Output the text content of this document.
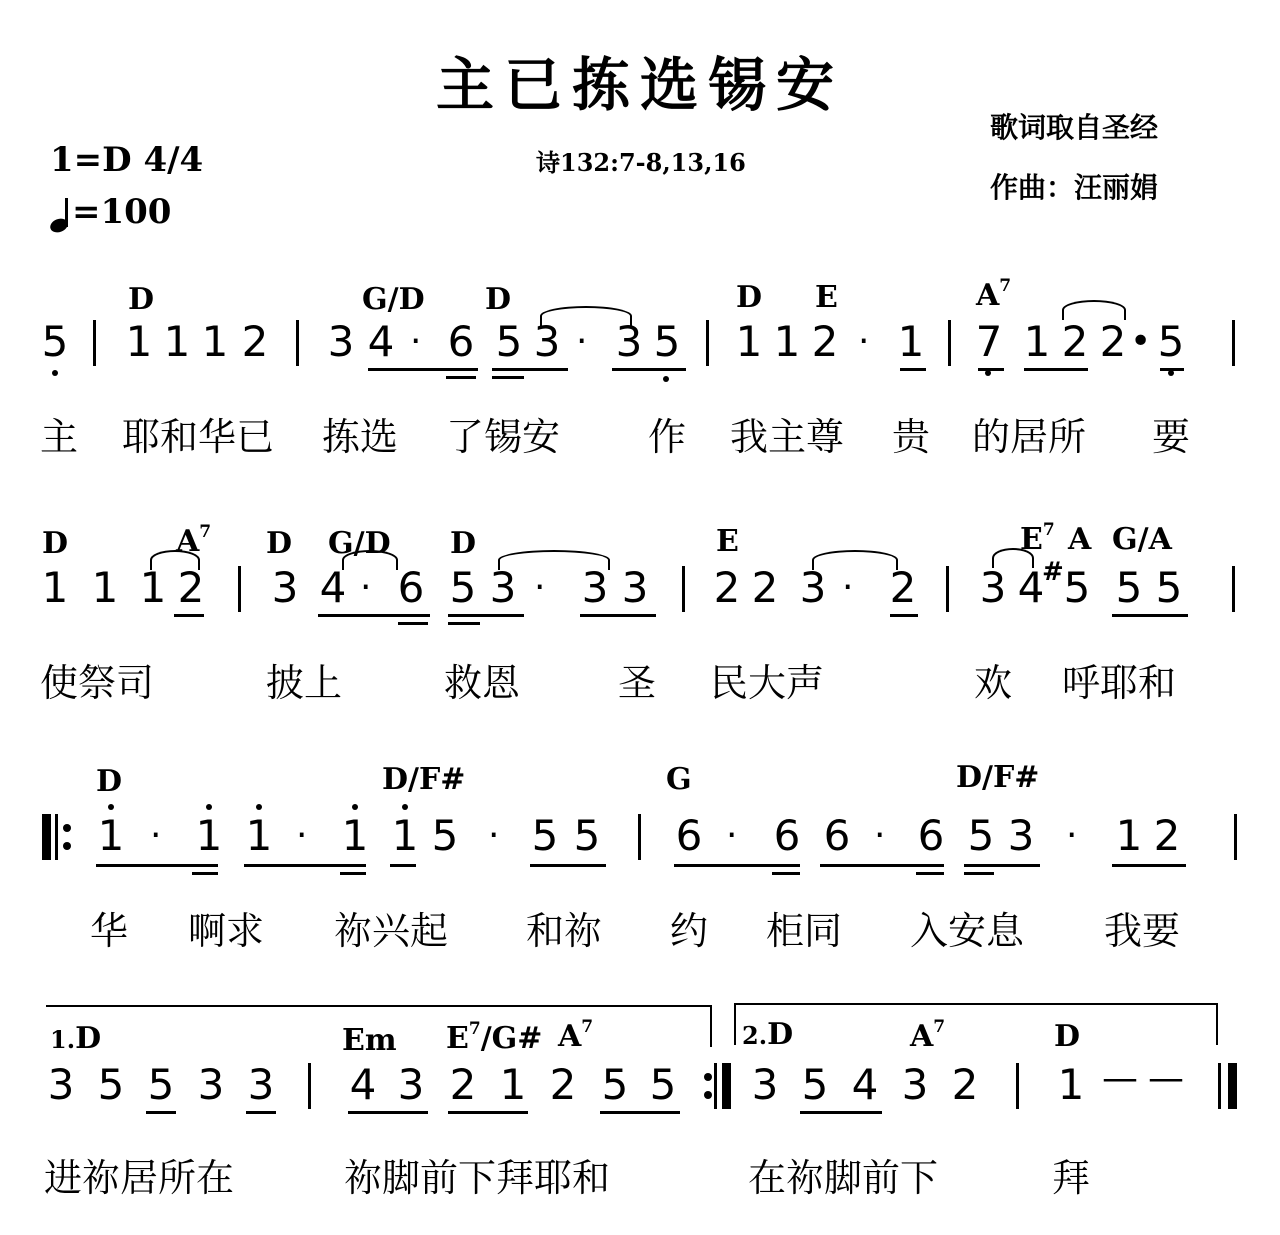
主已拣选锡安
1=D 4/4
=100
诗132:7-8,13,16
歌词取自圣经
作曲：汪丽娟
D	G/D D	D E	$A^7$
5 1 1 1 2 3 4 · 6 5 3 · 3 5 1 1 2 · 1 7 1 2 2 • 5
主 耶和华已 拣选 了锡安 作 我主尊 贵 的居所 要
D	$A^7$ D G/D D	E	$E^7$ A G/A
1 1 1 2 3 4 · 6 5 3 · 3 3 2 2 3 · 2 3
# 4 5 5 5
使祭司	披上	救恩	圣 民大声	欢 呼耶和
D	D/F#	G	D/F#
1 · 1 1 · 1 1 5 · 5 5 6 · 6 6 · 6 5 3 · 1 2
华 啊求 祢兴起 和祢 约 柜同 入安息 我要
1.D	Em $E^7/G\#$ $A^7$	2.D	$A^7$	D
3 5 5 3 3 4 3 2 1 2 5 5 3 5 4 3 2 1 — —
进祢居所在	祢脚前下拜耶和	在祢脚前下	拜
